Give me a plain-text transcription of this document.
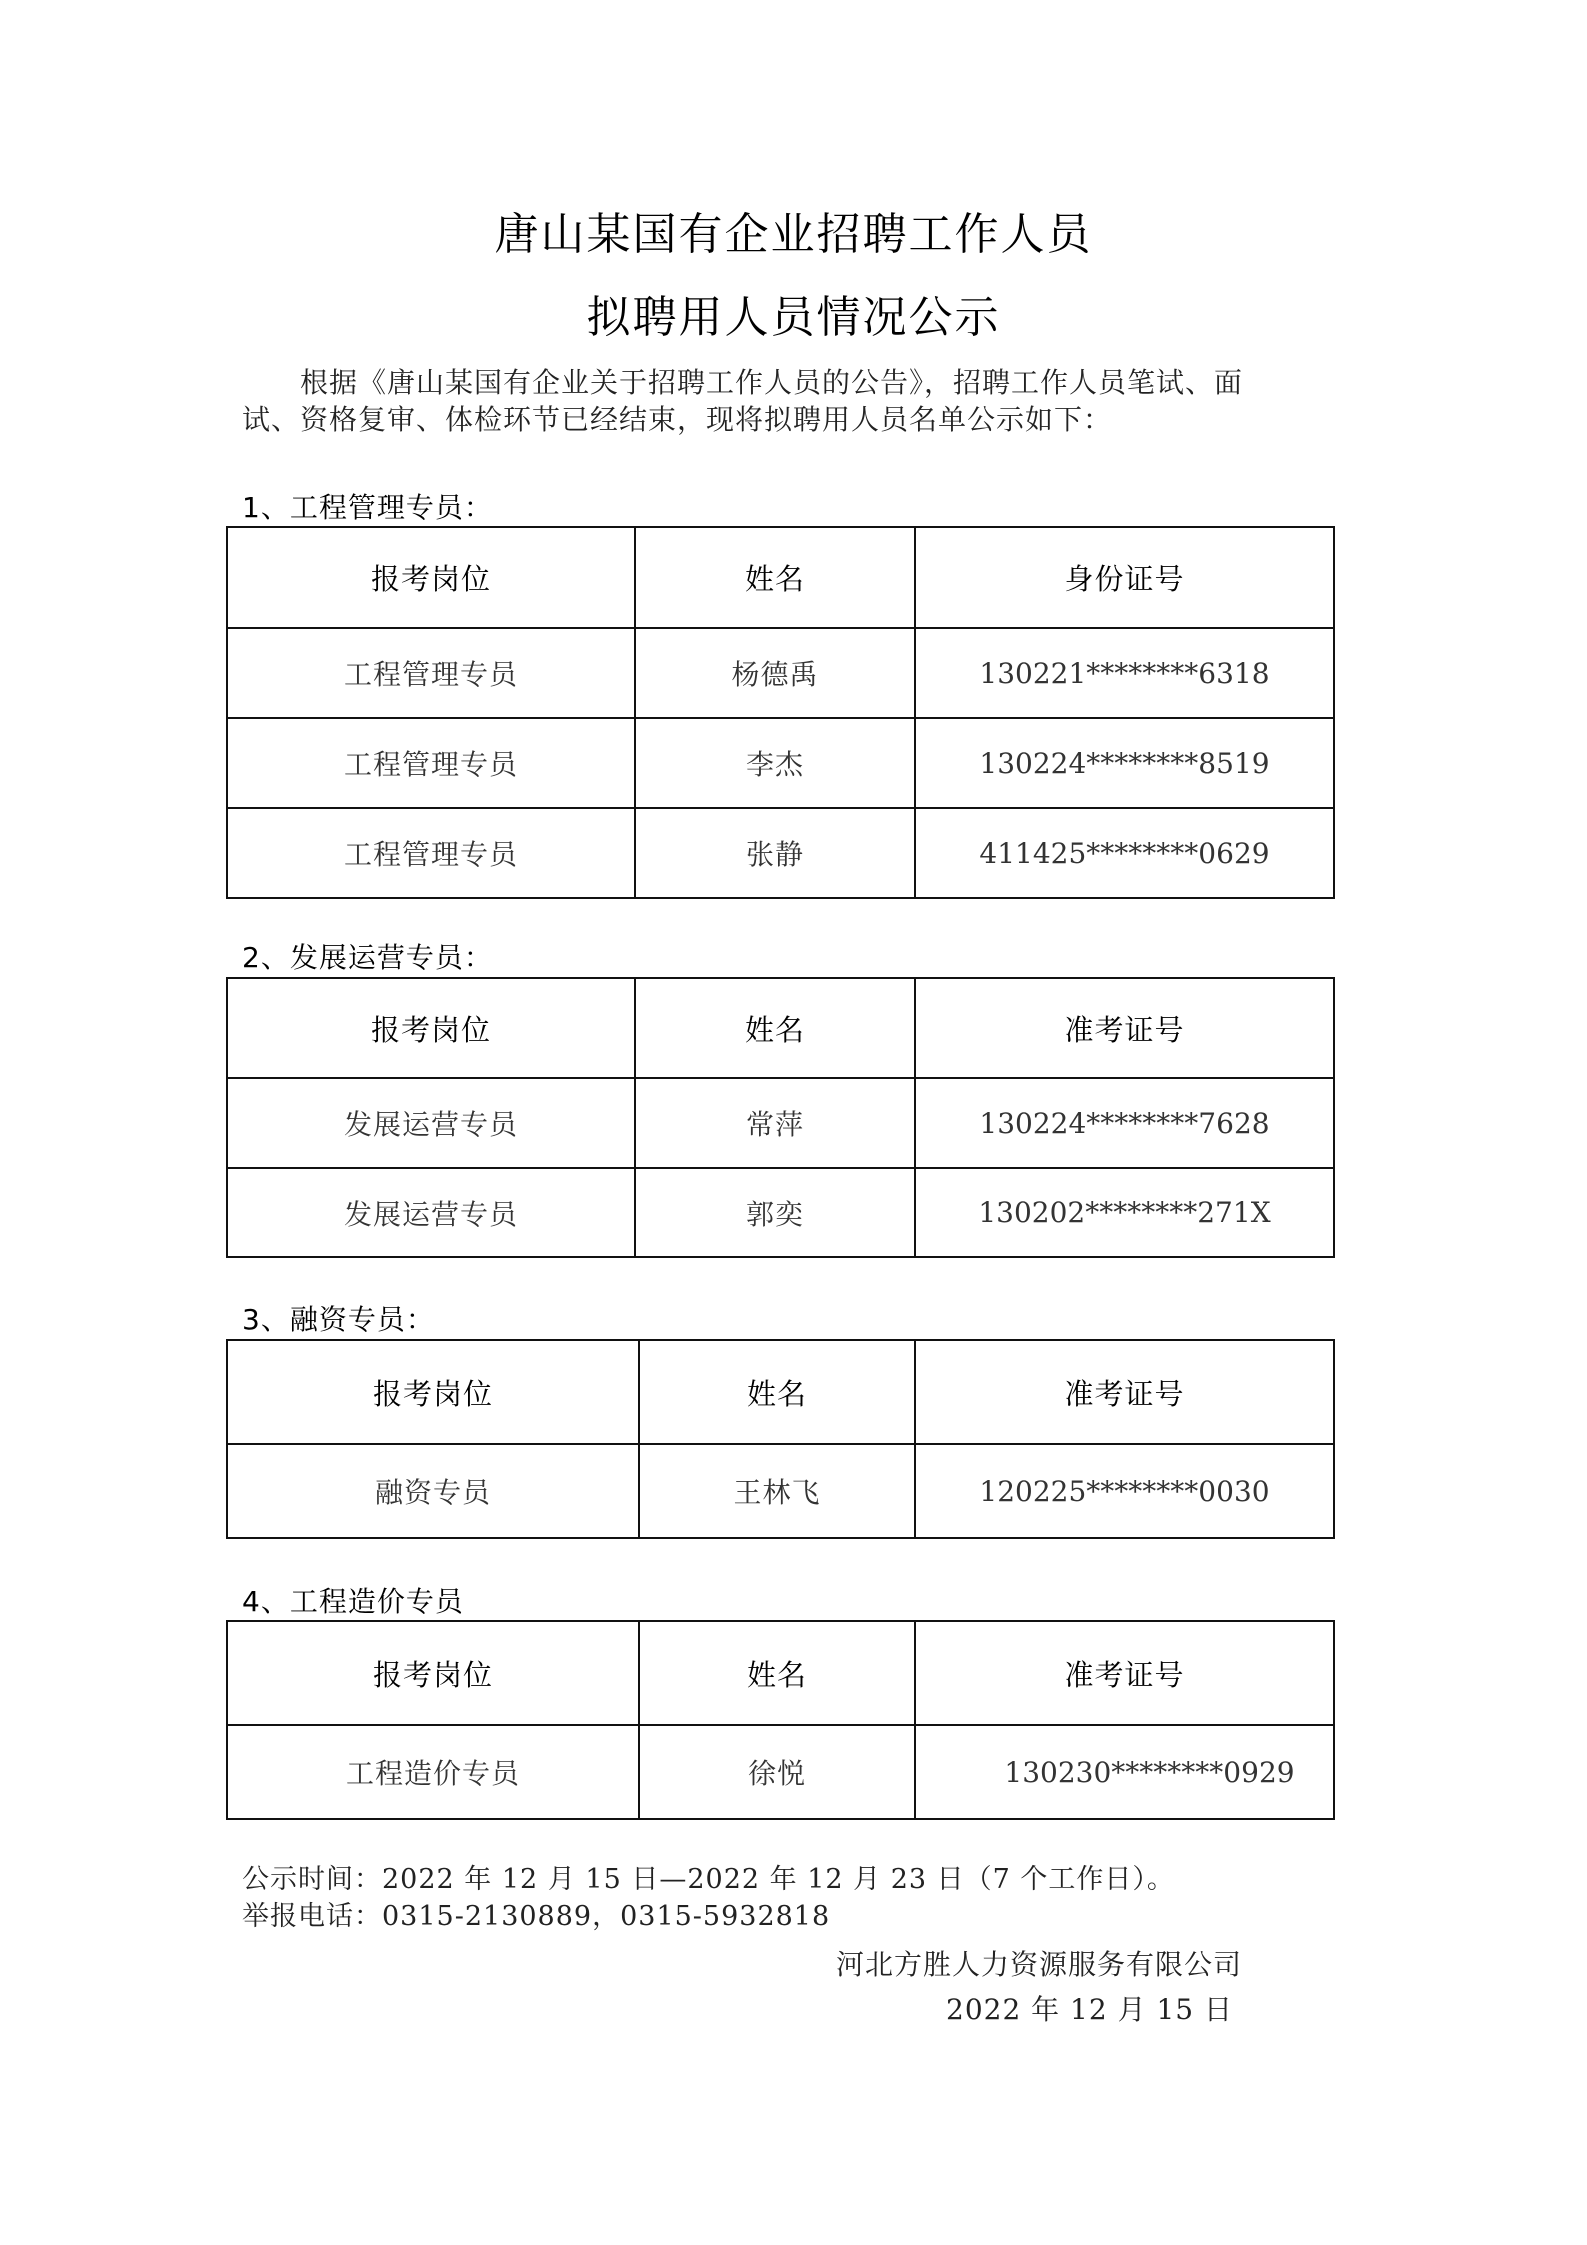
唐山某国有企业招聘工作人员
拟聘用人员情况公示
根据《唐山某国有企业关于招聘工作人员的公告》，招聘工作人员笔试、面
试、资格复审、体检环节已经结束，现将拟聘用人员名单公示如下：
1、工程管理专员：
报考岗位	姓名	身份证号
工程管理专员	杨德禹	130221********6318
工程管理专员	李杰	130224********8519
工程管理专员	张静	411425********0629
2、发展运营专员：
报考岗位	姓名	准考证号
发展运营专员	常萍	130224********7628
发展运营专员	郭奕	130202********271X
3、融资专员：
报考岗位	姓名	准考证号
融资专员	王林飞	120225********0030
4、工程造价专员
报考岗位	姓名	准考证号
工程造价专员	徐悦	130230********0929
公示时间：2022 年 12 月 15 日—2022 年 12 月 23 日（7 个工作日）。
举报电话：0315-2130889，0315-5932818
河北方胜人力资源服务有限公司
2022 年 12 月 15 日
